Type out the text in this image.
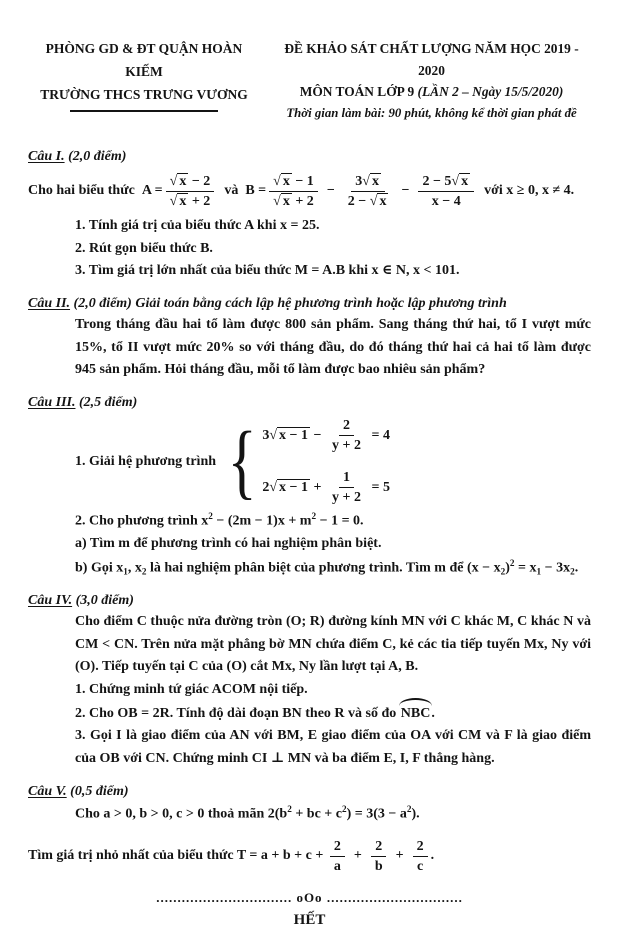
PHÒNG GD & ĐT QUẬN HOÀN KIẾM
TRƯỜNG THCS TRƯNG VƯƠNG
ĐỀ KHẢO SÁT CHẤT LƯỢNG NĂM HỌC 2019 - 2020
MÔN TOÁN LỚP 9 (LẦN 2 – Ngày 15/5/2020)
Thời gian làm bài: 90 phút, không kể thời gian phát đề
Câu I. (2,0 điểm)
Cho hai biểu thức $A = \frac{√ x - 2}{√ x + 2}$ và $B = \frac{√ x - 1}{√ x + 2} - \frac{3√ x}{2 - √ x} - \frac{2 - 5√ x}{x - 4}$ với x ≥ 0, x ≠ 4.
1. Tính giá trị của biểu thức A khi x = 25.
2. Rút gọn biểu thức B.
3. Tìm giá trị lớn nhất của biểu thức M = A.B khi x ∈ N, x < 101.
Câu II. (2,0 điểm) Giải toán bằng cách lập hệ phương trình hoặc lập phương trình
Trong tháng đầu hai tổ làm được 800 sản phẩm. Sang tháng thứ hai, tổ I vượt mức 15%, tổ II vượt mức 20% so với tháng đầu, do đó tháng thứ hai cả hai tổ làm được 945 sản phẩm. Hỏi tháng đầu, mỗi tổ làm được bao nhiêu sản phẩm?
Câu III. (2,5 điểm)
1. Giải hệ phương trình { 3√ $x - 1 - \frac{2}{y + 2} = 4$
2√ $x - 1 + \frac{1}{y + 2} = 5$
2. Cho phương trình $x^2 - (2m - 1)x + m^2 - 1 = 0$.
a) Tìm m để phương trình có hai nghiệm phân biệt.
b) Gọi $x_1$, $x_2$ là hai nghiệm phân biệt của phương trình. Tìm m để $(x - x_2)^2 = x_1 - 3x_2$.
Câu IV. (3,0 điểm)
Cho điểm C thuộc nửa đường tròn (O; R) đường kính MN với C khác M, C khác N và CM < CN. Trên nửa mặt phẳng bờ MN chứa điểm C, kẻ các tia tiếp tuyến Mx, Ny với (O). Tiếp tuyến tại C của (O) cắt Mx, Ny lần lượt tại A, B.
1. Chứng minh tứ giác ACOM nội tiếp.
2. Cho OB = 2R. Tính độ dài đoạn BN theo R và số đo NBC.
3. Gọi I là giao điểm của AN với BM, E giao điểm của OA với CM và F là giao điểm của OB với CN. Chứng minh CI ⊥ MN và ba điểm E, I, F thẳng hàng.
Câu V. (0,5 điểm)
Cho a > 0, b > 0, c > 0 thoả mãn $2(b^2$ + bc + $c^2) = 3(3 - a^2)$.
Tìm giá trị nhỏ nhất của biểu thức $T = a + b + c + \frac{2}{a} + \frac{2}{b} + \frac{2}{c}$ .
................................ oOo ................................
HẾT
